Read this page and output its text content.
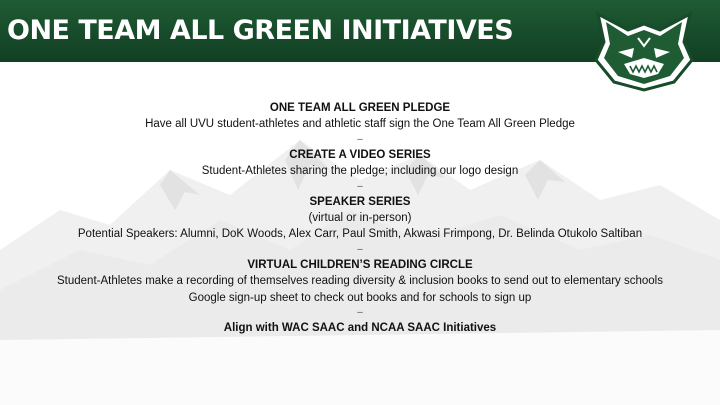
ONE TEAM ALL GREEN INITIATIVES
ONE TEAM ALL GREEN PLEDGE
Have all UVU student-athletes and athletic staff sign the One Team All Green Pledge
–
CREATE A VIDEO SERIES
Student-Athletes sharing the pledge; including our logo design
–
SPEAKER SERIES
(virtual or in-person)
Potential Speakers: Alumni, DoK Woods, Alex Carr, Paul Smith, Akwasi Frimpong, Dr. Belinda Otukolo Saltiban
–
VIRTUAL CHILDREN’S READING CIRCLE
Student-Athletes make a recording of themselves reading diversity & inclusion books to send out to elementary schools
Google sign-up sheet to check out books and for schools to sign up
–
Align with WAC SAAC and NCAA SAAC Initiatives
